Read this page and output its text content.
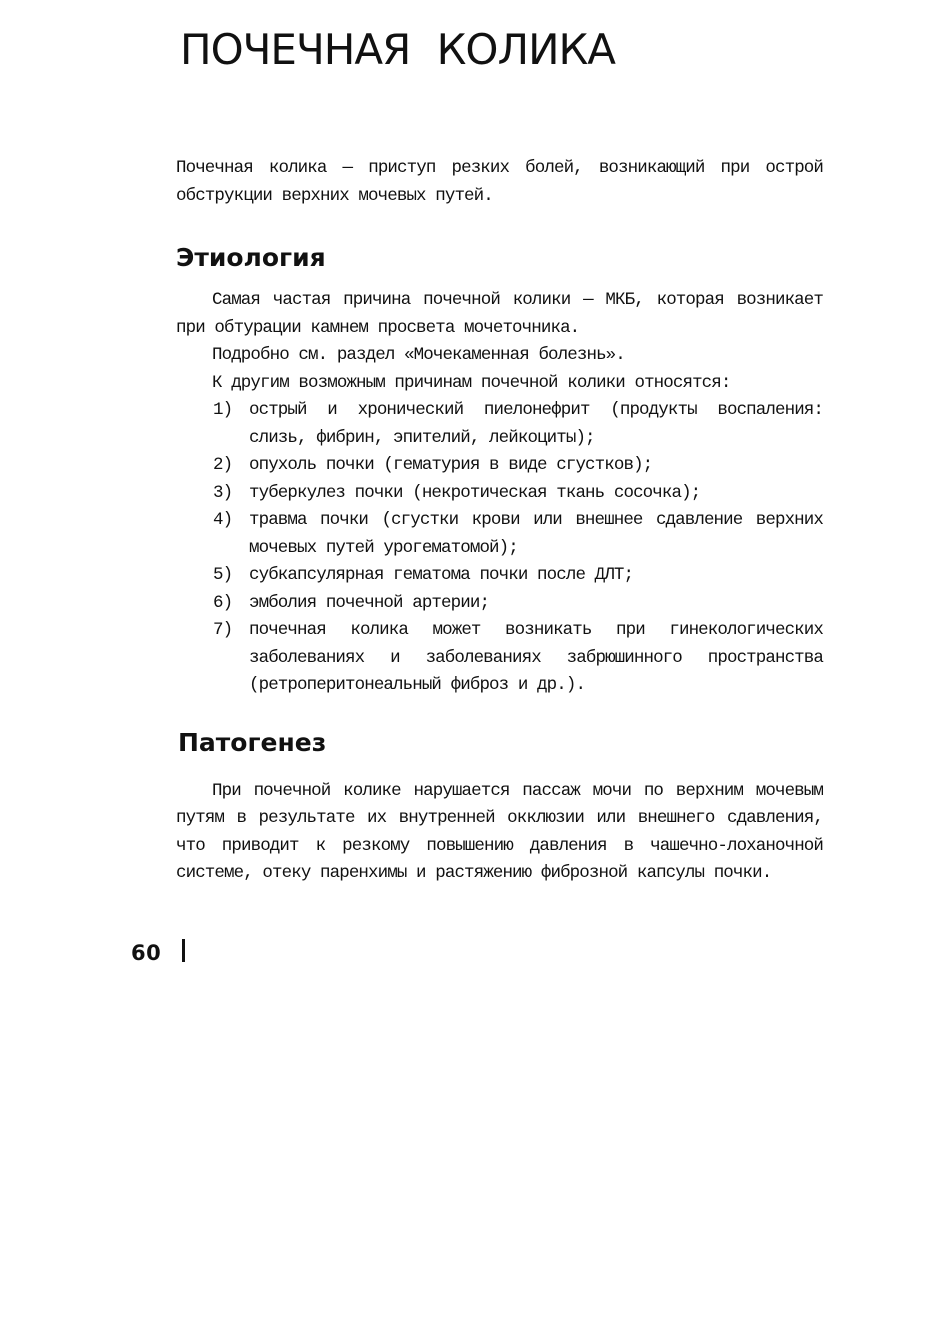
ПОЧЕЧНАЯ КОЛИКА

Почечная колика — приступ резких болей, возникающий при острой обструкции верхних мочевых путей.

Этиология

Самая частая причина почечной колики — МКБ, которая возникает при обтурации камнем просвета мочеточника.

Подробно см. раздел «Мочекаменная болезнь».

К другим возможным причинам почечной колики относятся:

1) острый и хронический пиелонефрит (продукты воспаления: слизь, фибрин, эпителий, лейкоциты);
2) опухоль почки (гематурия в виде сгустков);
3) туберкулез почки (некротическая ткань сосочка);
4) травма почки (сгустки крови или внешнее сдавление верхних мочевых путей урогематомой);
5) субкапсулярная гематома почки после ДЛТ;
6) эмболия почечной артерии;
7) почечная колика может возникать при гинекологических заболеваниях и заболеваниях забрюшинного пространства (ретроперитонеальный фиброз и др.).
Патогенез

При почечной колике нарушается пассаж мочи по верхним мочевым путям в результате их внутренней окклюзии или внешнего сдавления, что приводит к резкому повышению давления в чашечно-лоханочной системе, отеку паренхимы и растяжению фиброзной капсулы почки.

60
